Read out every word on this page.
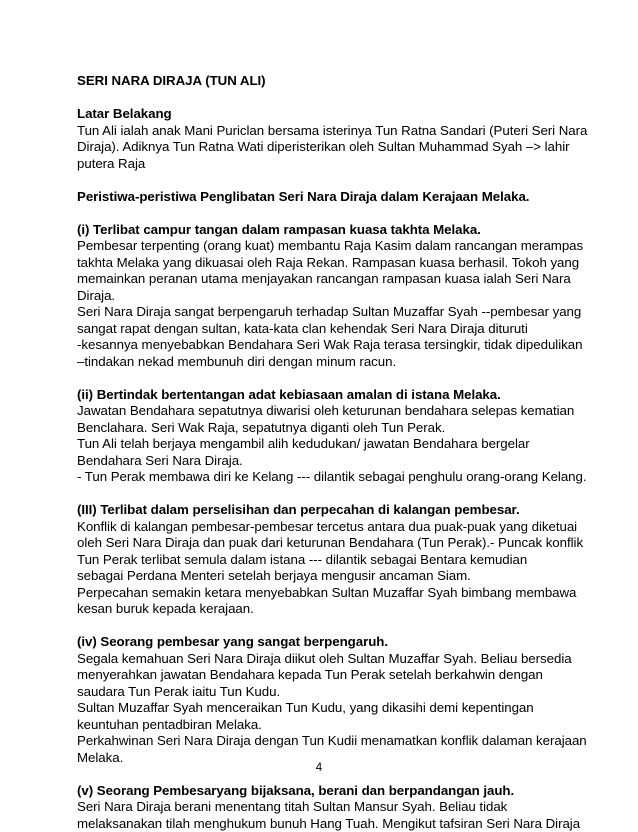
SERI NARA DIRAJA (TUN ALI)
Latar Belakang
Tun Ali ialah anak Mani Puriclan bersama isterinya Tun Ratna Sandari (Puteri Seri Nara
Diraja). Adiknya Tun Ratna Wati diperisterikan oleh Sultan Muhammad Syah –> lahir
putera Raja
Peristiwa-peristiwa Penglibatan Seri Nara Diraja dalam Kerajaan Melaka.
(i) Terlibat campur tangan dalam rampasan kuasa takhta Melaka.
Pembesar terpenting (orang kuat) membantu Raja Kasim dalam rancangan merampas
takhta Melaka yang dikuasai oleh Raja Rekan. Rampasan kuasa berhasil. Tokoh yang
memainkan peranan utama menjayakan rancangan rampasan kuasa ialah Seri Nara
Diraja.
Seri Nara Diraja sangat berpengaruh terhadap Sultan Muzaffar Syah --pembesar yang
sangat rapat dengan sultan, kata-kata clan kehendak Seri Nara Diraja dituruti
-kesannya menyebabkan Bendahara Seri Wak Raja terasa tersingkir, tidak dipedulikan
–tindakan nekad membunuh diri dengan minum racun.
(ii) Bertindak bertentangan adat kebiasaan amalan di istana Melaka.
Jawatan Bendahara sepatutnya diwarisi oleh keturunan bendahara selepas kematian
Benclahara. Seri Wak Raja, sepatutnya diganti oleh Tun Perak.
Tun Ali telah berjaya mengambil alih kedudukan/ jawatan Bendahara bergelar
Bendahara Seri Nara Diraja.
- Tun Perak membawa diri ke Kelang --- dilantik sebagai penghulu orang-orang Kelang.
(III) Terlibat dalam perselisihan dan perpecahan di kalangan pembesar.
Konflik di kalangan pembesar-pembesar tercetus antara dua puak-puak yang diketuai
oleh Seri Nara Diraja dan puak dari keturunan Bendahara (Tun Perak).- Puncak konflik
Tun Perak terlibat semula dalam istana --- dilantik sebagai Bentara kemudian
sebagai Perdana Menteri setelah berjaya mengusir ancaman Siam.
Perpecahan semakin ketara menyebabkan Sultan Muzaffar Syah bimbang membawa
kesan buruk kepada kerajaan.
(iv) Seorang pembesar yang sangat berpengaruh.
Segala kemahuan Seri Nara Diraja diikut oleh Sultan Muzaffar Syah. Beliau bersedia
menyerahkan jawatan Bendahara kepada Tun Perak setelah berkahwin dengan
saudara Tun Perak iaitu Tun Kudu.
Sultan Muzaffar Syah menceraikan Tun Kudu, yang dikasihi demi kepentingan
keuntuhan pentadbiran Melaka.
Perkahwinan Seri Nara Diraja dengan Tun Kudii menamatkan konflik dalaman kerajaan
Melaka.
(v) Seorang Pembesaryang bijaksana, berani dan berpandangan jauh.
Seri Nara Diraja berani menentang titah Sultan Mansur Syah. Beliau tidak
melaksanakan tilah menghukum bunuh Hang Tuah. Mengikut tafsiran Seri Nara Diraja
4
